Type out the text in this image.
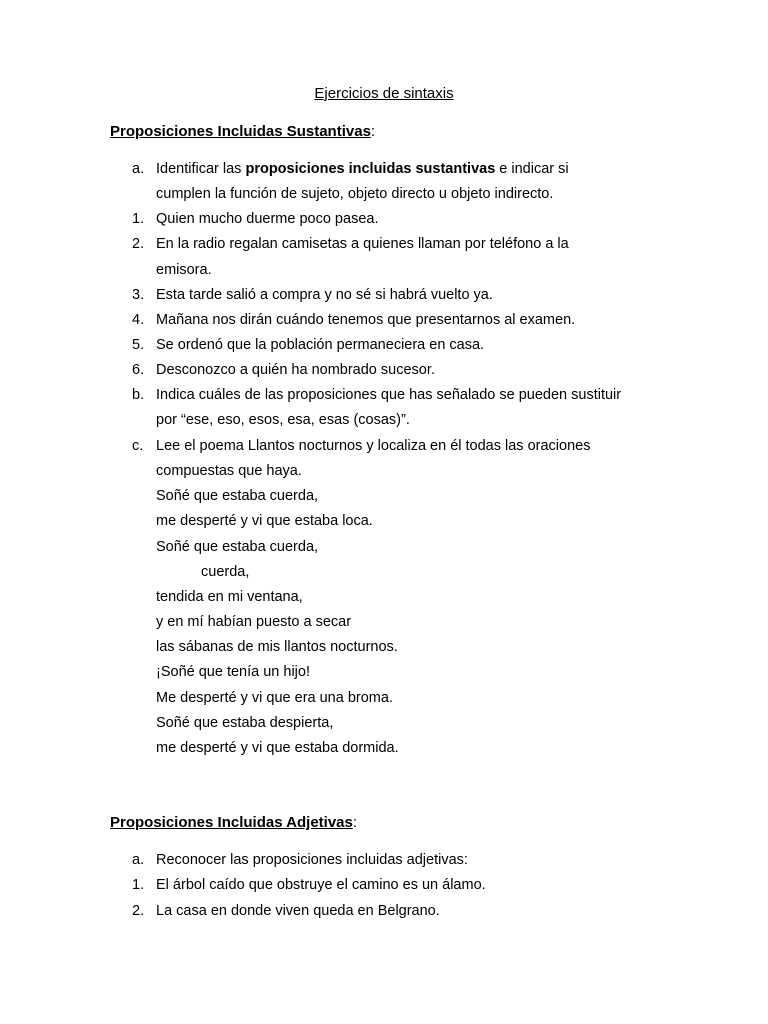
Ejercicios de sintaxis
Proposiciones Incluidas Sustantivas:
a. Identificar las proposiciones incluidas sustantivas e indicar si
cumplen la función de sujeto, objeto directo u objeto indirecto.
1. Quien mucho duerme poco pasea.
2. En la radio regalan camisetas a quienes llaman por teléfono a la
emisora.
3. Esta tarde salió a compra y no sé si habrá vuelto ya.
4. Mañana nos dirán cuándo tenemos que presentarnos al examen.
5. Se ordenó que la población permaneciera en casa.
6. Desconozco a quién ha nombrado sucesor.
b. Indica cuáles de las proposiciones que has señalado se pueden sustituir
por “ese, eso, esos, esa, esas (cosas)”.
c. Lee el poema Llantos nocturnos y localiza en él todas las oraciones
compuestas que haya.
Soñé que estaba cuerda,
me desperté y vi que estaba loca.
Soñé que estaba cuerda,
cuerda,
tendida en mi ventana,
y en mí habían puesto a secar
las sábanas de mis llantos nocturnos.
¡Soñé que tenía un hijo!
Me desperté y vi que era una broma.
Soñé que estaba despierta,
me desperté y vi que estaba dormida.
Proposiciones Incluidas Adjetivas:
a. Reconocer las proposiciones incluidas adjetivas:
1. El árbol caído que obstruye el camino es un álamo.
2. La casa en donde viven queda en Belgrano.
